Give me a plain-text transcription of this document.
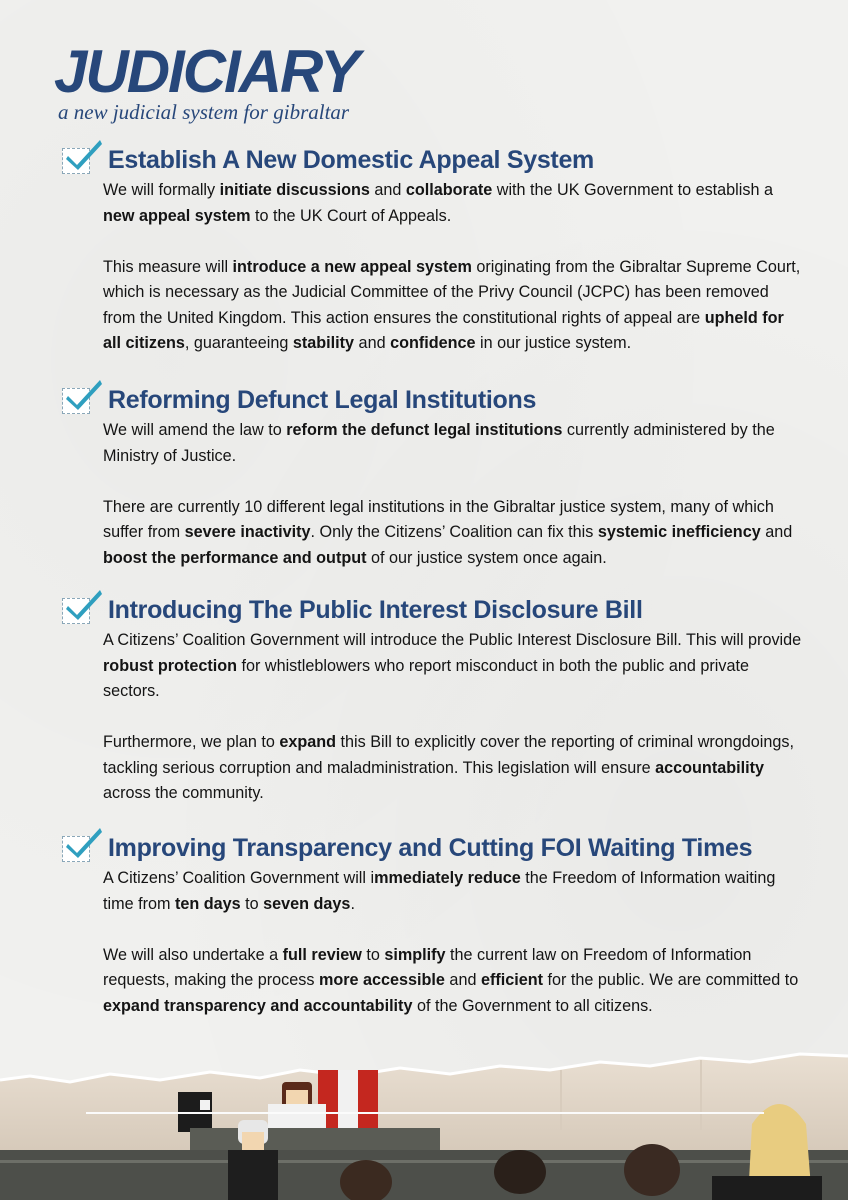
JUDICIARY
a new judicial system for gibraltar
Establish A New Domestic Appeal System

We will formally initiate discussions and collaborate with the UK Government to establish a new appeal system to the UK Court of Appeals.

This measure will introduce a new appeal system originating from the Gibraltar Supreme Court, which is necessary as the Judicial Committee of the Privy Council (JCPC) has been removed from the United Kingdom. This action ensures the constitutional rights of appeal are upheld for all citizens, guaranteeing stability and confidence in our justice system.

Reforming Defunct Legal Institutions

We will amend the law to reform the defunct legal institutions currently administered by the Ministry of Justice.

There are currently 10 different legal institutions in the Gibraltar justice system, many of which suffer from severe inactivity. Only the Citizens’ Coalition can fix this systemic inefficiency and boost the performance and output of our justice system once again.

Introducing The Public Interest Disclosure Bill

A Citizens’ Coalition Government will introduce the Public Interest Disclosure Bill. This will provide robust protection for whistleblowers who report misconduct in both the public and private sectors.

Furthermore, we plan to expand this Bill to explicitly cover the reporting of criminal wrongdoings, tackling serious corruption and maladministration. This legislation will ensure accountability across the community.

Improving Transparency and Cutting FOI Waiting Times

A Citizens’ Coalition Government will immediately reduce the Freedom of Information waiting time from ten days to seven days.

We will also undertake a full review to simplify the current law on Freedom of Information requests, making the process more accessible and efficient for the public. We are committed to expand transparency and accountability of the Government to all citizens.
